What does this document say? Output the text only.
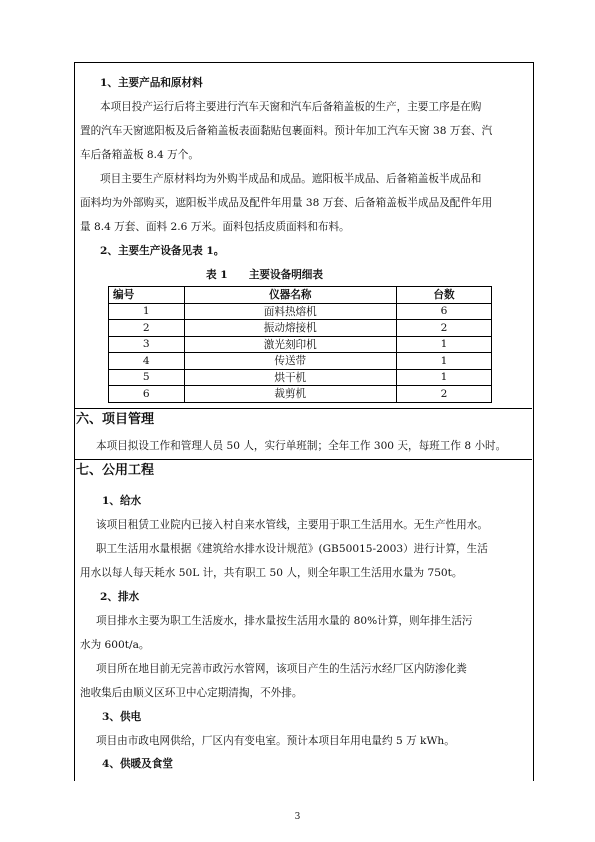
1、主要产品和原材料
本项目投产运行后将主要进行汽车天窗和汽车后备箱盖板的生产，主要工序是在购
置的汽车天窗遮阳板及后备箱盖板表面黏贴包裹面料。预计年加工汽车天窗 38 万套、汽
车后备箱盖板 8.4 万个。
项目主要生产原材料均为外购半成品和成品。遮阳板半成品、后备箱盖板半成品和
面料均为外部购买，遮阳板半成品及配件年用量 38 万套、后备箱盖板半成品及配件年用
量 8.4 万套、面料 2.6 万米。面料包括皮质面料和布料。
2、主要生产设备见表 1。
表 1　　主要设备明细表
编号	仪器名称	台数
1	面料热熔机	6
2	振动熔接机	2
3	激光刻印机	1
4	传送带	1
5	烘干机	1
6	裁剪机	2
六、项目管理
本项目拟设工作和管理人员 50 人，实行单班制；全年工作 300 天，每班工作 8 小时。
七、公用工程
1、给水
该项目租赁工业院内已接入村自来水管线，主要用于职工生活用水。无生产性用水。
职工生活用水量根据《建筑给水排水设计规范》(GB50015-2003）进行计算，生活
用水以每人每天耗水 50L 计，共有职工 50 人，则全年职工生活用水量为 750t。
2、排水
项目排水主要为职工生活废水，排水量按生活用水量的 80%计算，则年排生活污
水为 600t/a。
项目所在地目前无完善市政污水管网，该项目产生的生活污水经厂区内防渗化粪
池收集后由顺义区环卫中心定期清掏，不外排。
3、供电
项目由市政电网供给，厂区内有变电室。预计本项目年用电量约 5 万 kWh。
4、供暖及食堂
3
